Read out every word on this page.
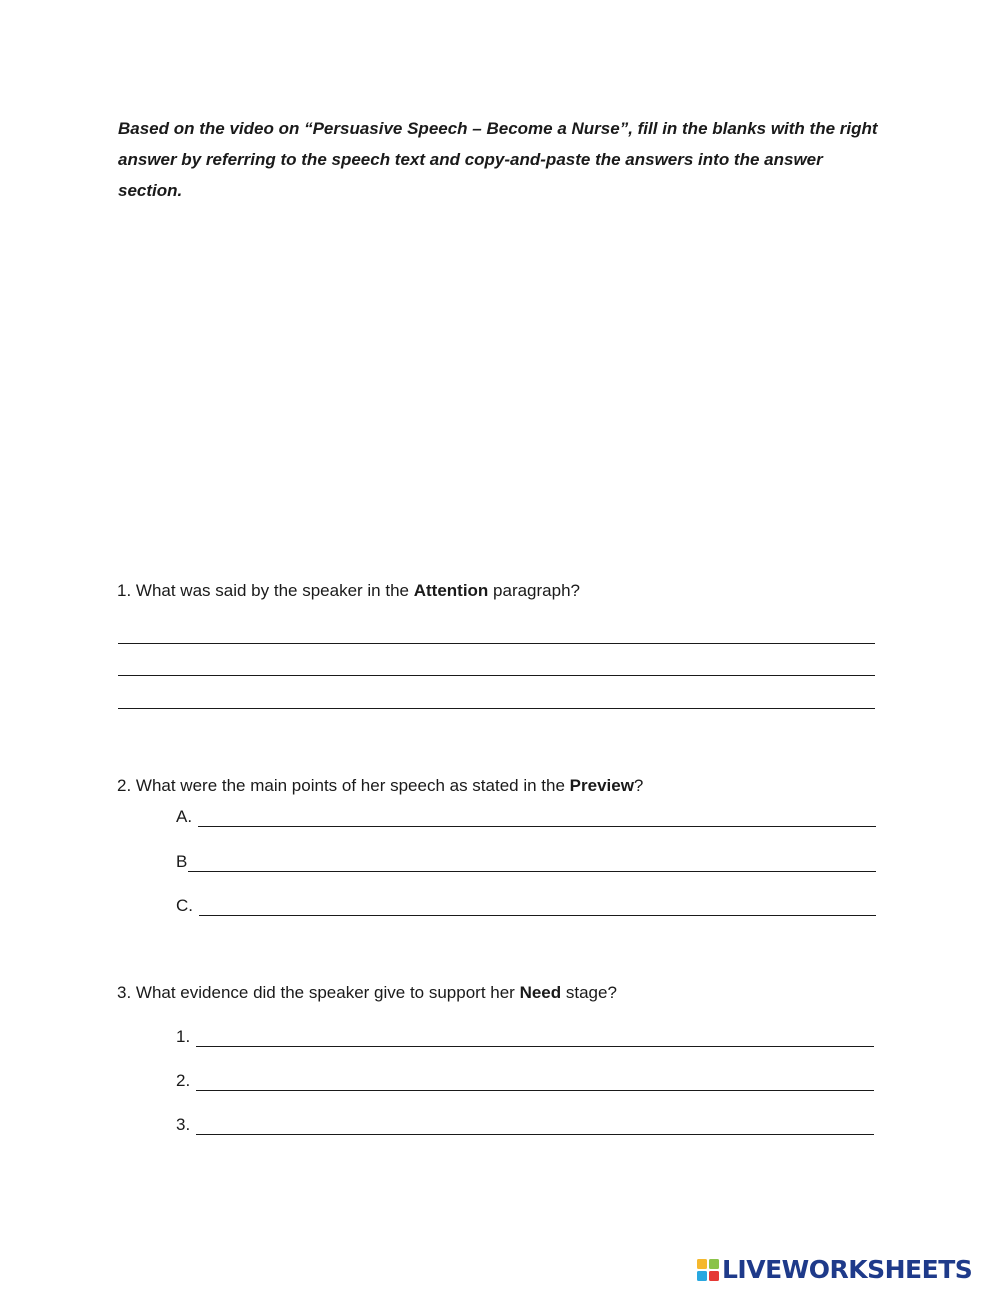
Based on the video on “Persuasive Speech – Become a Nurse”, fill in the blanks with the right answer by referring to the speech text and copy-and-paste the answers into the answer section.
1. What was said by the speaker in the Attention paragraph?
2. What were the main points of her speech as stated in the Preview?
A.
B
C.
3. What evidence did the speaker give to support her Need stage?
1.
2.
3.
LIVEWORKSHEETS
